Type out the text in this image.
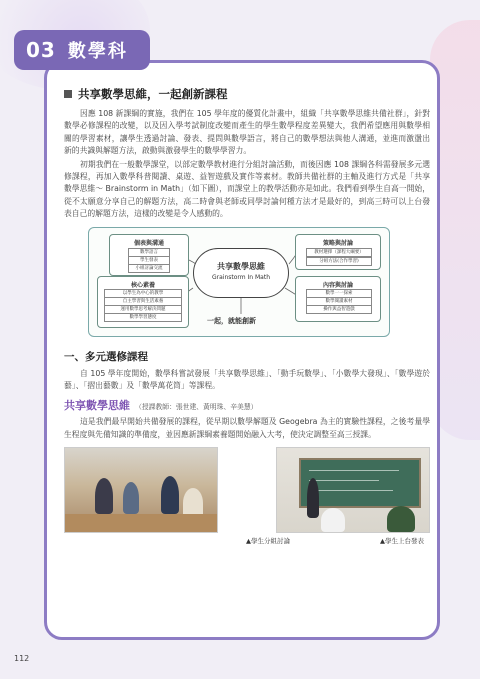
03 數學科
共享數學思維，一起創新課程

因應 108 新課綱的實施，我們在 105 學年度的優質化計畫中，組織「共享數學思維共備社群」，針對數學必修課程的改變，以及因入學考試制度改變而產生的學生數學程度差異變大，我們希望應用與數學相關的學習素材，讓學生透過討論、發表、提問與數學語言，將自己的數學想法與他人溝通，並進而激盪出新的共識與解題方法，啟動與激發學生的數學學習力。

初期我們在一般數學課堂，以部定數學教材進行分組討論活動，而後因應 108 課綱各科需發展多元選修課程，再加入數學科普閱讀、桌遊、益智遊戲及實作等素材。教師共備社群的主軸及進行方式是「共享數學思維～ Brainstorm in Math」（如下圖），而課堂上的教學活動亦是如此。我們看到學生自高一開始，從不太願意分享自己的解題方法，高二時會與老師或同學討論何種方法才是最好的，到高三時可以上台發表自己的解題方法，這樣的改變是令人感動的。

個表與溝通
數學語言
學生發表
小組討論交流
策略與討論
教材選擇（課程大綱要）
分組方法(合作學習)
核心素養
以學生為中心的教學
自主學習與生活素養
運用數學思考解決問題
數學學習態度
內容與討論
數學一一探索
數學閱讀素材
操作與益智遊戲
共享數學思維
Grainstorm In Math
一起，就能創新
一、多元選修課程

自 105 學年度開始，數學科嘗試發展「共享數學思維」、「動手玩數學」、「小數學大發現」、「數學遊於藝」、「摺出藝數」及「數學萬花筒」等課程。

共享數學思維 （授課教師：張世建、黃明珠、辛美慧）

這是我們最早開始共備發展的課程，從早期以數學解題及 Geogebra 為主的實驗性課程，之後考量學生程度與先備知識的準備度，並因應新課綱素養題開始融入大考，使決定調整至高三授課。

▲學生分組討論	▲學生上台發表
112
